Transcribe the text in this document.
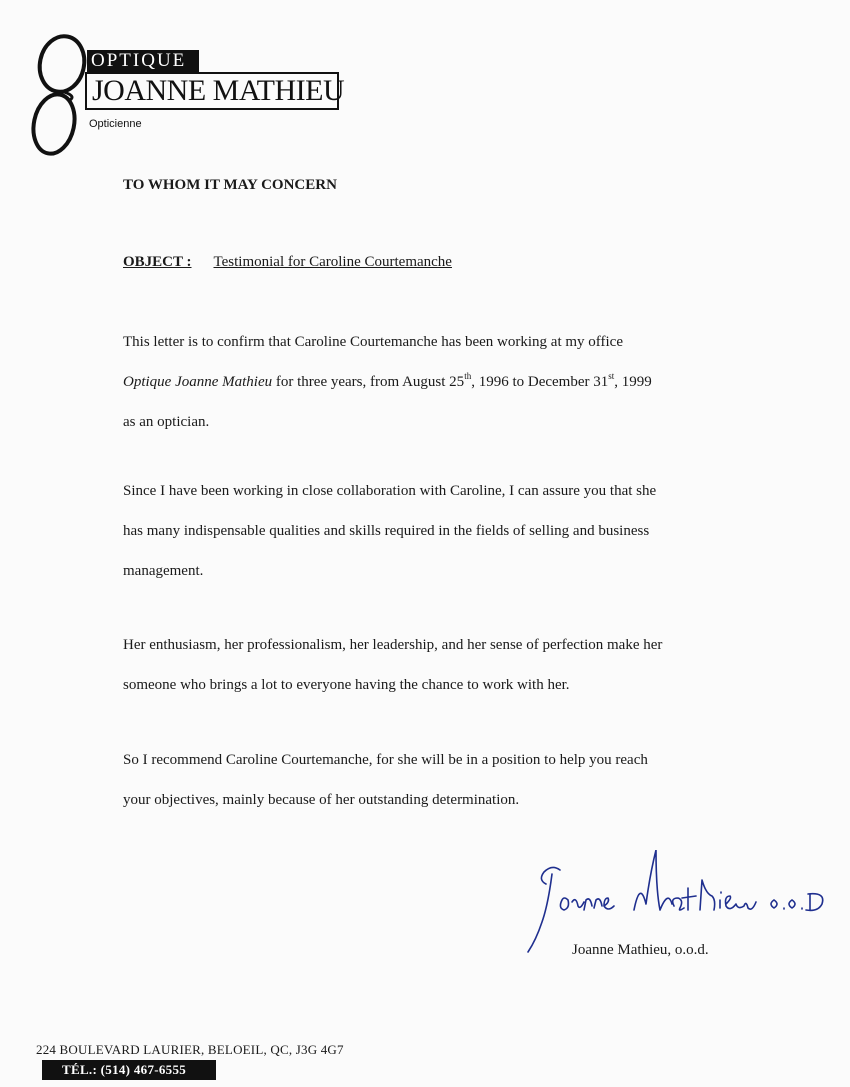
OPTIQUE
JOANNE MATHIEU
Opticienne
TO WHOM IT MAY CONCERN
OBJECT : Testimonial for Caroline Courtemanche
This letter is to confirm that Caroline Courtemanche has been working at my office
Optique Joanne Mathieu for three years, from August 25th, 1996 to December 31st, 1999
as an optician.
Since I have been working in close collaboration with Caroline, I can assure you that she
has many indispensable qualities and skills required in the fields of selling and business
management.
Her enthusiasm, her professionalism, her leadership, and her sense of perfection make her
someone who brings a lot to everyone having the chance to work with her.
So I recommend Caroline Courtemanche, for she will be in a position to help you reach
your objectives, mainly because of her outstanding determination.
Joanne Mathieu, o.o.d.
224 BOULEVARD LAURIER, BELOEIL, QC, J3G 4G7
TÉL.: (514) 467-6555
